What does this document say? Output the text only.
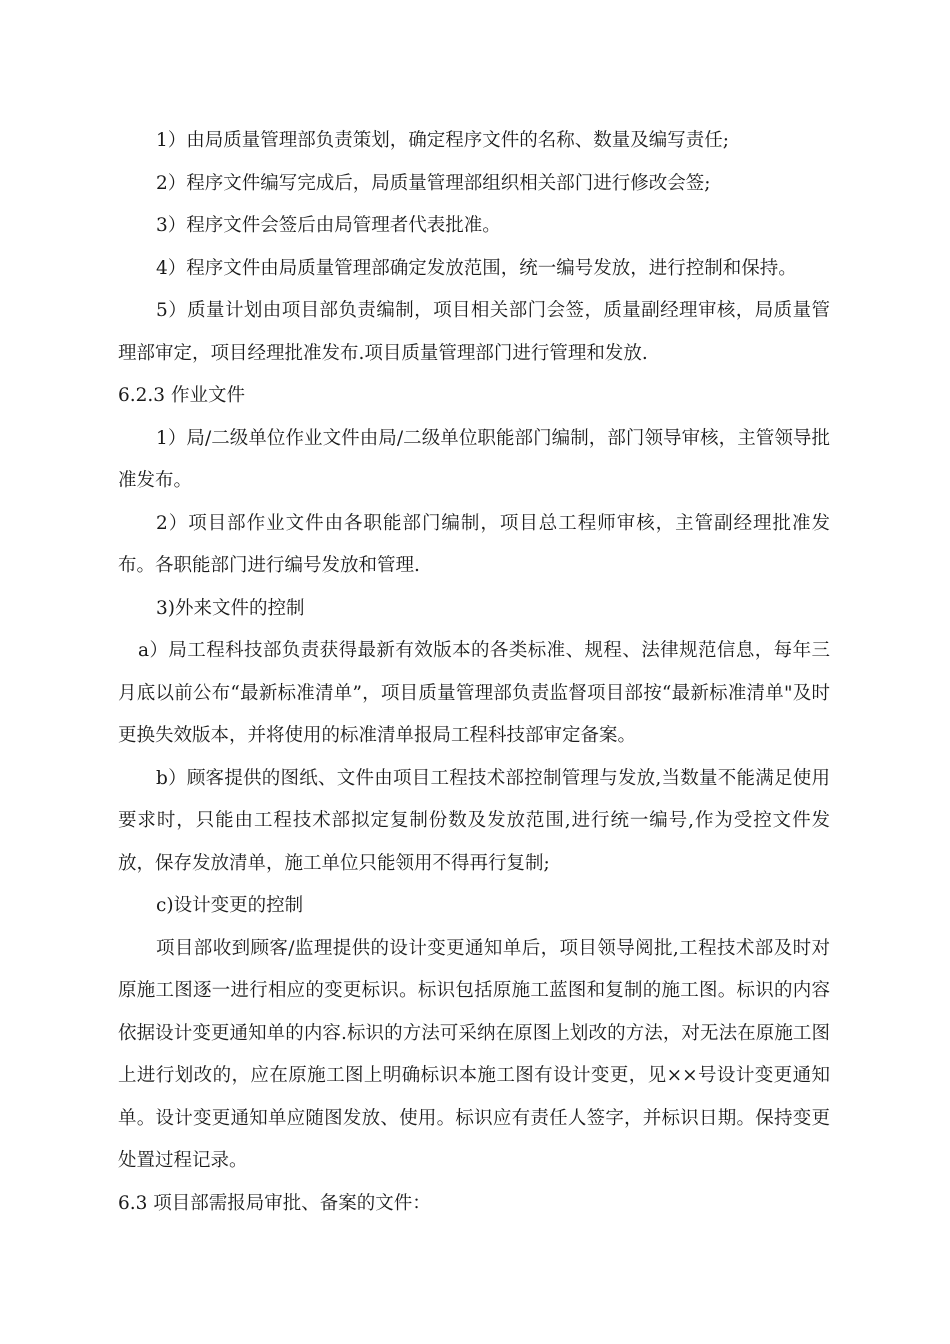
1）由局质量管理部负责策划，确定程序文件的名称、数量及编写责任;

2）程序文件编写完成后，局质量管理部组织相关部门进行修改会签;

3）程序文件会签后由局管理者代表批准。

4）程序文件由局质量管理部确定发放范围，统一编号发放，进行控制和保持。

5）质量计划由项目部负责编制，项目相关部门会签，质量副经理审核，局质量管理部审定，项目经理批准发布.项目质量管理部门进行管理和发放.

6.2.3 作业文件

1）局/二级单位作业文件由局/二级单位职能部门编制，部门领导审核，主管领导批准发布。

2）项目部作业文件由各职能部门编制，项目总工程师审核，主管副经理批准发布。各职能部门进行编号发放和管理.

3)外来文件的控制

a）局工程科技部负责获得最新有效版本的各类标准、规程、法律规范信息，每年三月底以前公布“最新标准清单”，项目质量管理部负责监督项目部按“最新标准清单"及时更换失效版本，并将使用的标准清单报局工程科技部审定备案。

b）顾客提供的图纸、文件由项目工程技术部控制管理与发放,当数量不能满足使用要求时，只能由工程技术部拟定复制份数及发放范围,进行统一编号,作为受控文件发放，保存发放清单，施工单位只能领用不得再行复制;

c)设计变更的控制

项目部收到顾客/监理提供的设计变更通知单后，项目领导阅批,工程技术部及时对原施工图逐一进行相应的变更标识。标识包括原施工蓝图和复制的施工图。标识的内容依据设计变更通知单的内容.标识的方法可采纳在原图上划改的方法，对无法在原施工图上进行划改的，应在原施工图上明确标识本施工图有设计变更，见××号设计变更通知单。设计变更通知单应随图发放、使用。标识应有责任人签字，并标识日期。保持变更处置过程记录。

6.3 项目部需报局审批、备案的文件：
